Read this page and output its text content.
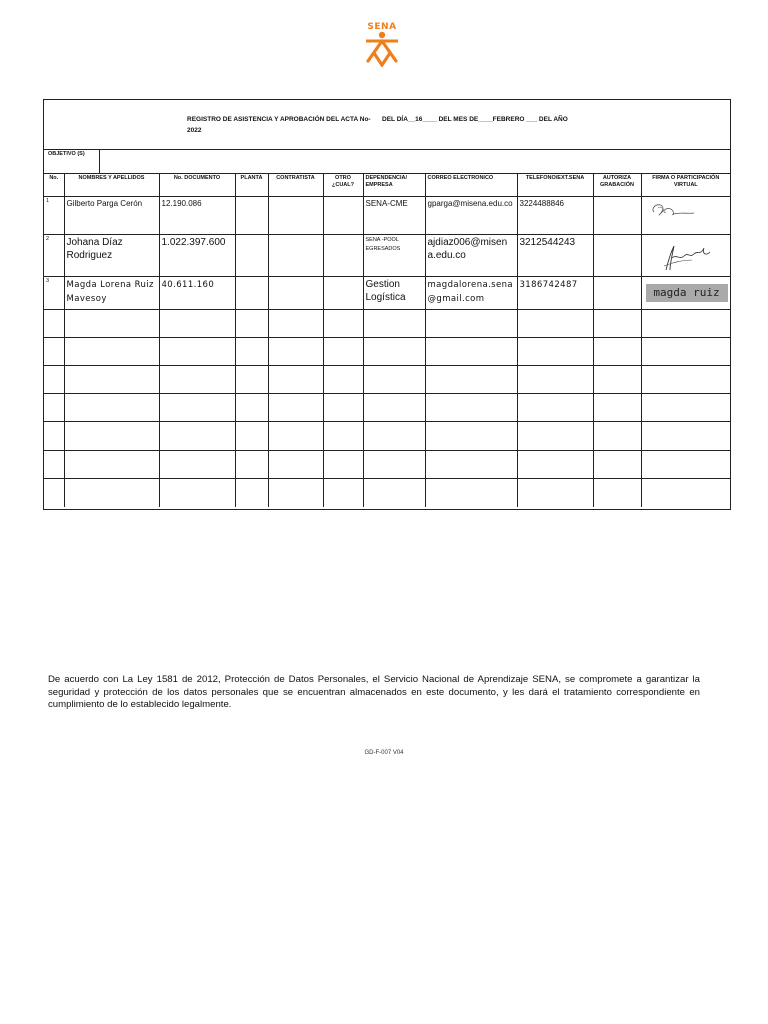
SENA
REGISTRO DE ASISTENCIA Y APROBACIÓN DEL ACTA No- 2022
DEL DÍA__16____ DEL MES DE____FEBRERO ___ DEL AÑO
OBJETIVO (S)
No.	NOMBRES Y APELLIDOS	No. DOCUMENTO	PLANTA	CONTRATISTA	OTRO ¿CUAL?	DEPENDENCIA/ EMPRESA	CORREO ELECTRONICO	TELEFONO/EXT.SENA	AUTORIZA GRABACIÓN	FIRMA O PARTICIPACIÓN VIRTUAL
1	Gilberto Parga Cerón	12.190.086				SENA-CME	gparga@misena.edu.co	3224488846		

2	Johana Díaz Rodriguez	1.022.397.600				SENA -POOL EGRESADOS	ajdiaz006@misena.edu.co	3212544243		

3	Magda Lorena Ruiz Mavesoy	40.611.160				Gestion Logística	magdalorena.sena@gmail.com	3186742487		magda ruiz

De acuerdo con La Ley 1581 de 2012, Protección de Datos Personales, el Servicio Nacional de Aprendizaje SENA, se compromete a garantizar la seguridad y protección de los datos personales que se encuentran almacenados en este documento, y les dará el tratamiento correspondiente en cumplimiento de lo establecido legalmente.
GD-F-007 V04
